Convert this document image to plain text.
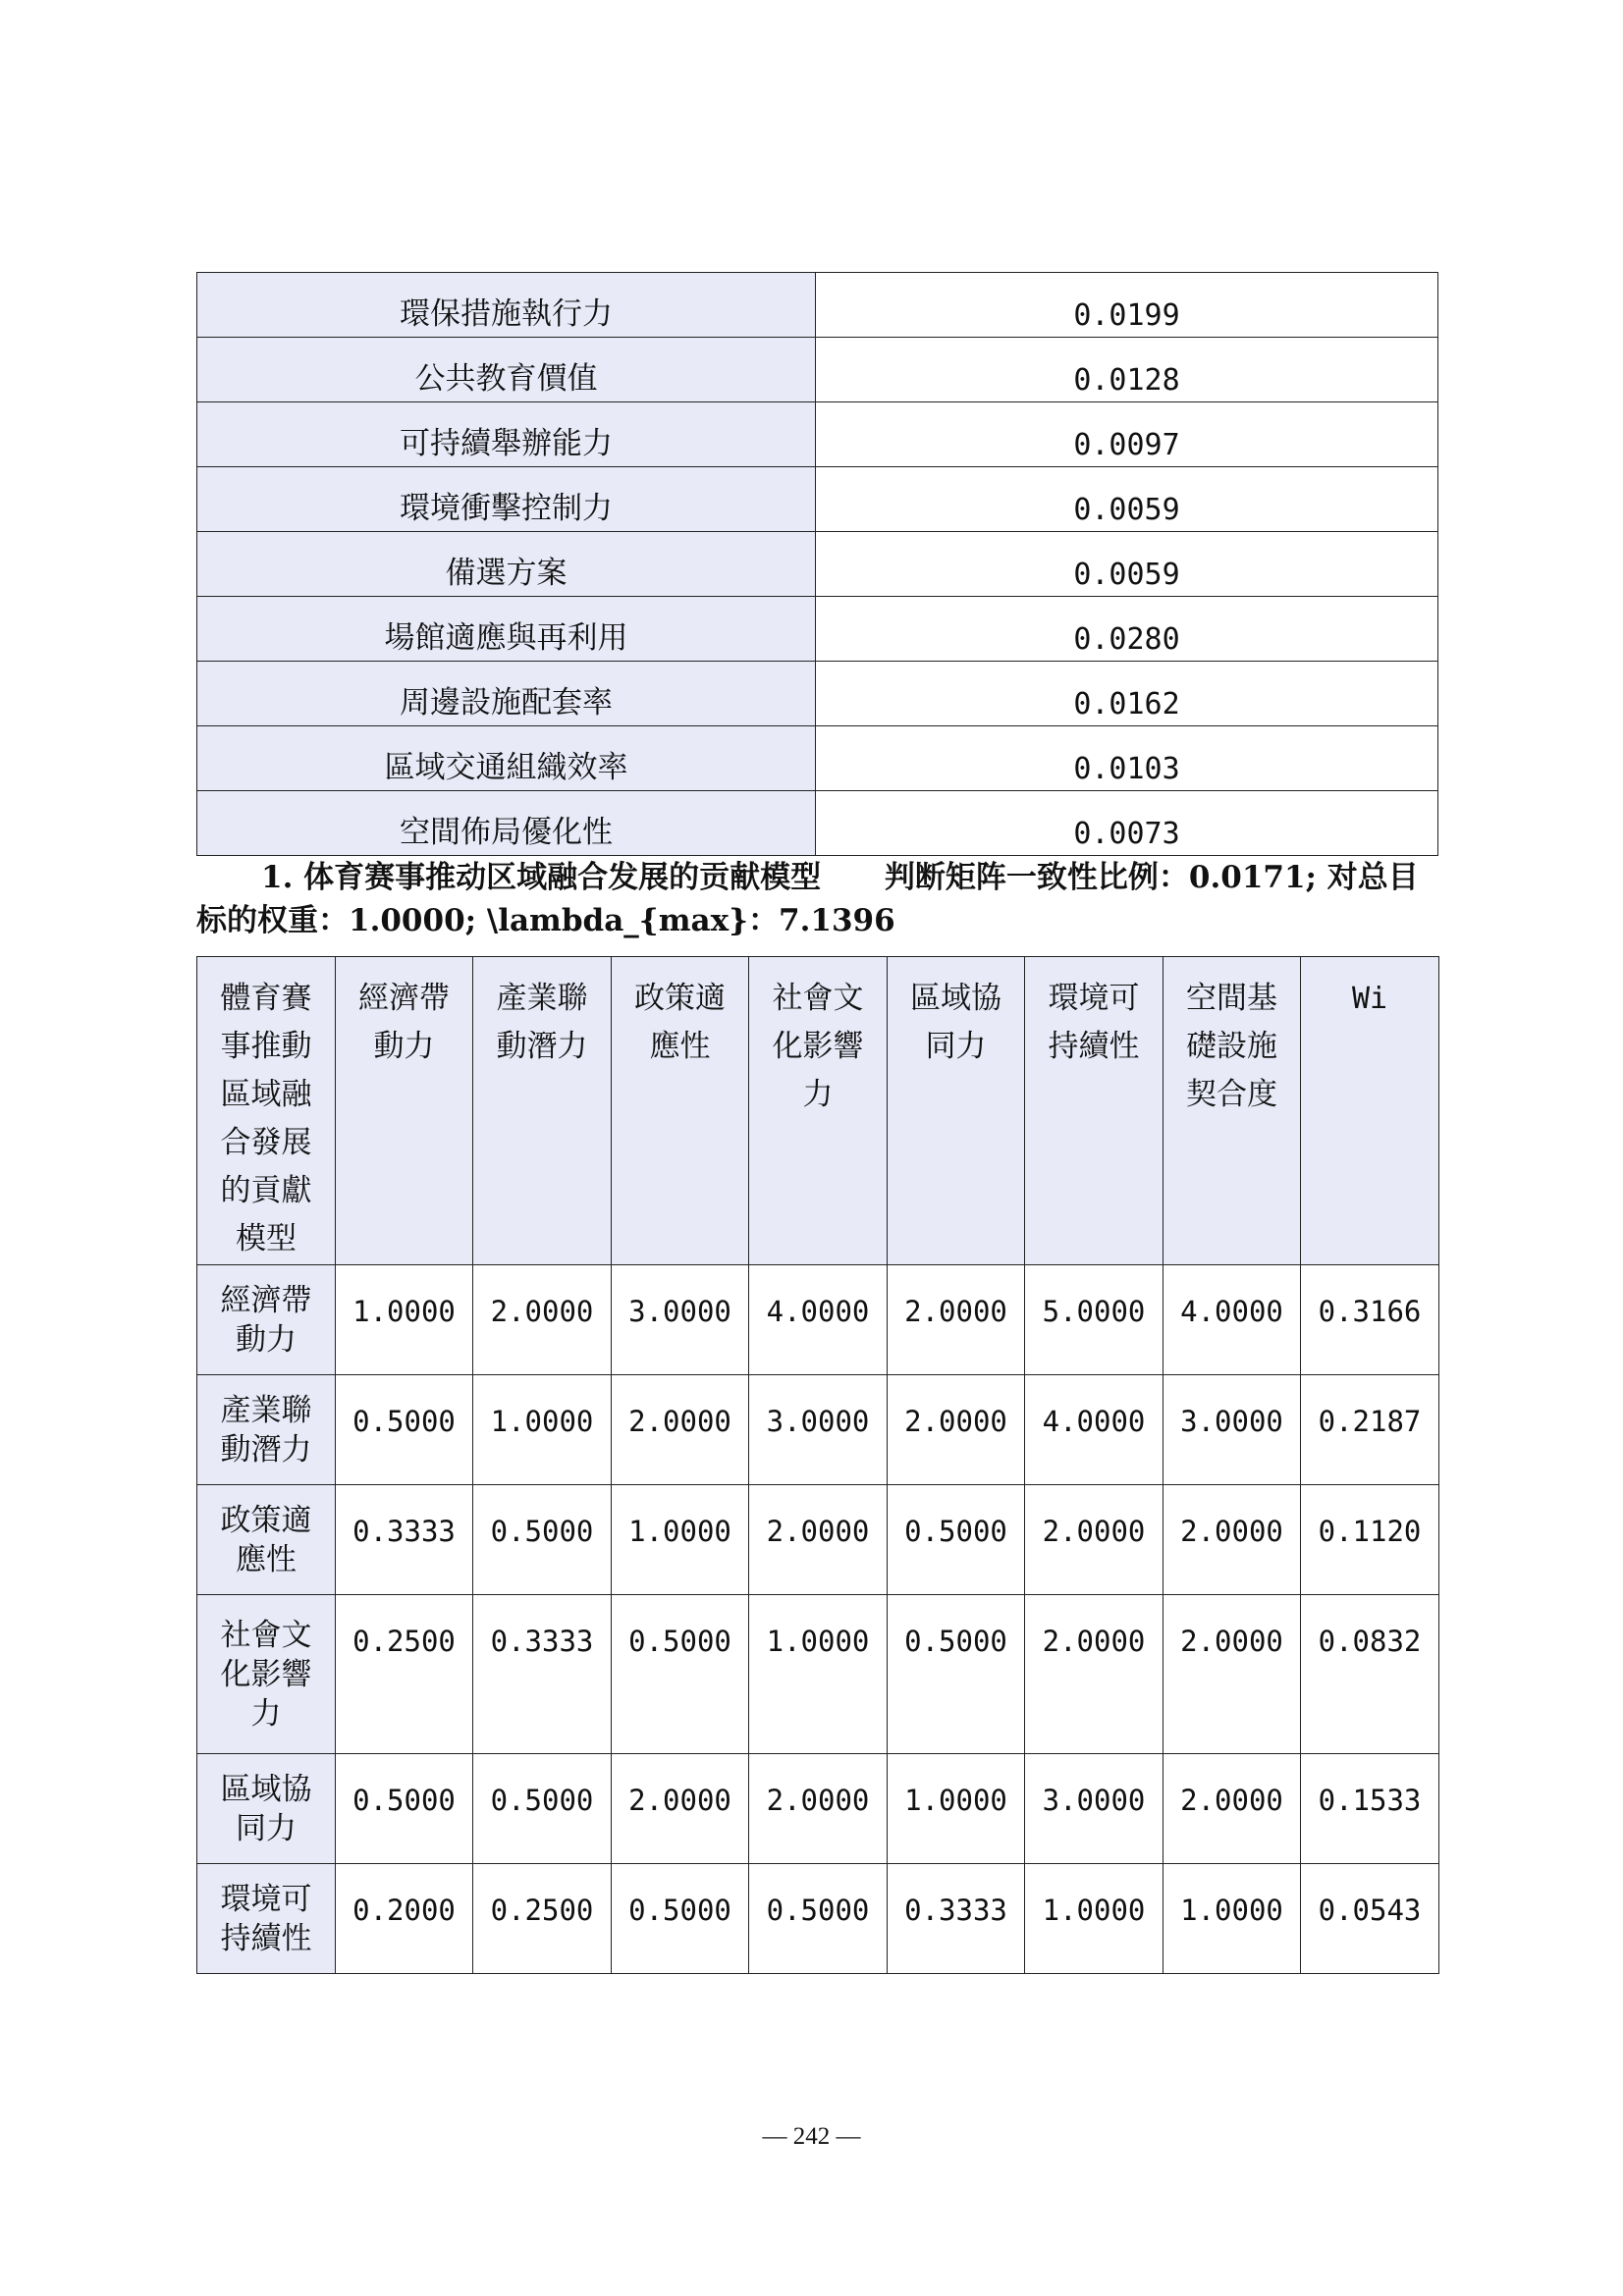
環保措施執行力	0.0199
公共教育價值	0.0128
可持續舉辦能力	0.0097
環境衝擊控制力	0.0059
備選方案	0.0059
場館適應與再利用	0.0280
周邊設施配套率	0.0162
區域交通組織效率	0.0103
空間佈局優化性	0.0073
1. 体育赛事推动区域融合发展的贡献模型 判断矩阵一致性比例：0.0171; 对总目标的权重：1.0000; \lambda_{max}：7.1396
體育賽事推動區域融合發展的貢獻模型	經濟帶動力	產業聯動潛力	政策適應性	社會文化影響力	區域協同力	環境可持續性	空間基礎設施契合度	Wi

經濟帶動力	1.0000	2.0000	3.0000	4.0000	2.0000	5.0000	4.0000	0.3166

產業聯動潛力	0.5000	1.0000	2.0000	3.0000	2.0000	4.0000	3.0000	0.2187

政策適應性	0.3333	0.5000	1.0000	2.0000	0.5000	2.0000	2.0000	0.1120

社會文化影響力	0.2500	0.3333	0.5000	1.0000	0.5000	2.0000	2.0000	0.0832

區域協同力	0.5000	0.5000	2.0000	2.0000	1.0000	3.0000	2.0000	0.1533

環境可持續性	0.2000	0.2500	0.5000	0.5000	0.3333	1.0000	1.0000	0.0543
— 242 —
